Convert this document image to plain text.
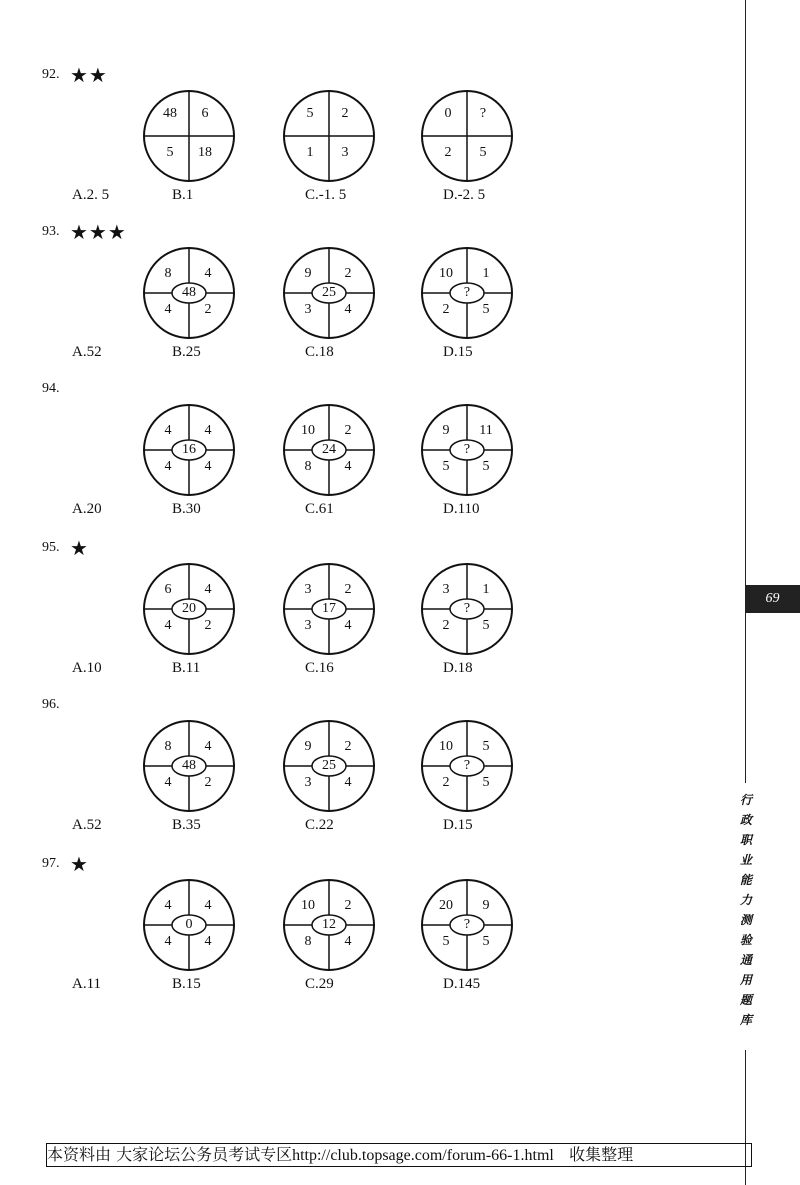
92. ★★
48	6
5	18
5	2
1	3
0	?
2	5
A.2. 5	B.1	C.-1. 5	D.-2. 5
93. ★★★
8	4
4	2
48
9	2
3	4
25
10	1
2	5
?
A.52	B.25	C.18	D.15
94.
4	4
4	4
16
10	2
8	4
24
9	11
5	5
?
A.20	B.30	C.61	D.110
95. ★
6	4
4	2
20
3	2
3	4
17
3	1
2	5
?
A.10	B.11	C.16	D.18
96.
8	4
4	2
48
9	2
3	4
25
10	5
2	5
?
A.52	B.35	C.22	D.15
97. ★
4	4
4	4
0
10	2
8	4
12
20	9
5	5
?
A.11	B.15	C.29	D.145
69
行
政
职
业
能
力
测
验
通
用
题
库
本资料由 大家论坛公务员考试专区http://club.topsage.com/forum-66-1.html 收集整理
